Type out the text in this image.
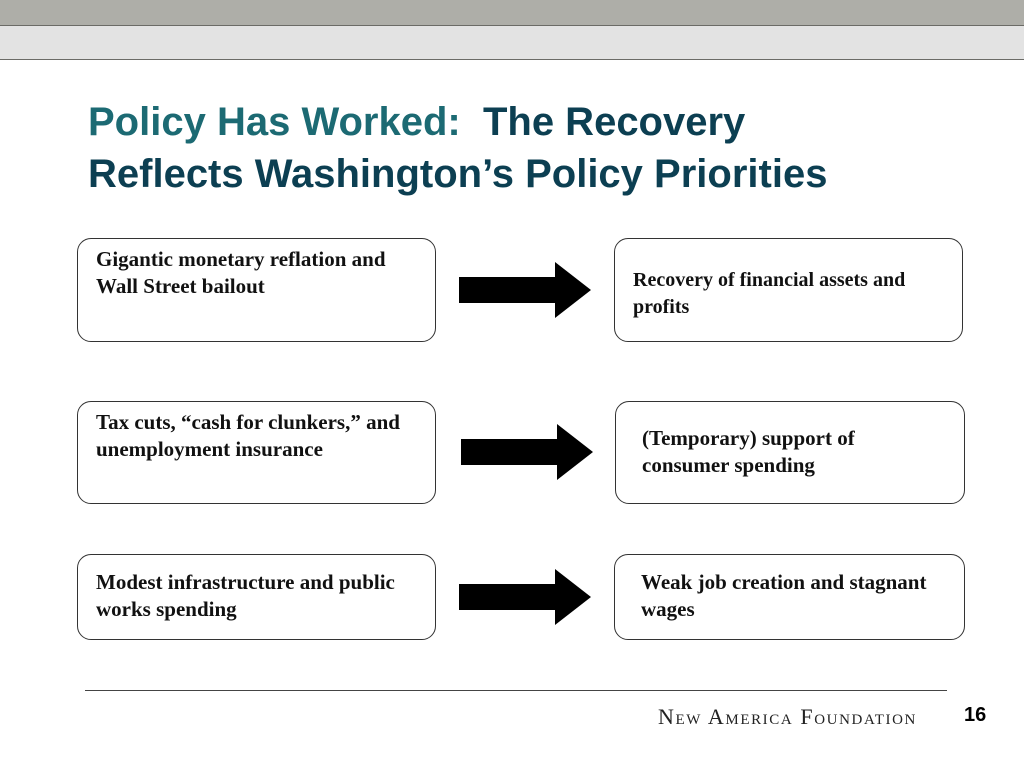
Policy Has Worked: The Recovery
Reflects Washington’s Policy Priorities
Gigantic monetary reflation and Wall Street bailout	Recovery of financial assets and profits
Tax cuts, “cash for clunkers,” and unemployment insurance	(Temporary) support of consumer spending
Modest infrastructure and public works spending
Weak job creation and stagnant wages
New America Foundation 16
